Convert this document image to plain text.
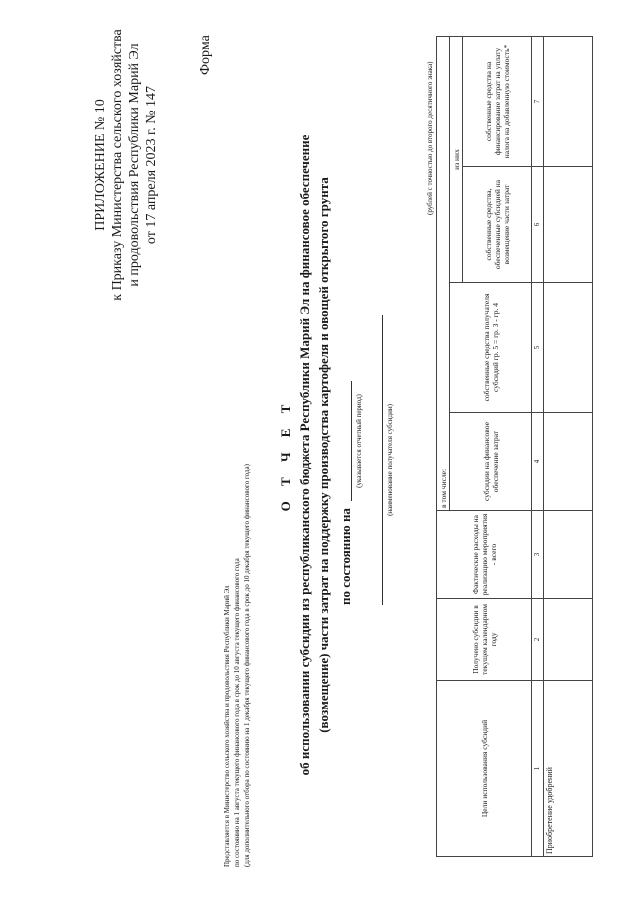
ПРИЛОЖЕНИЕ № 10 к Приказу Министерства сельского хозяйства и продовольствия Республики Марий Эл от 17 апреля 2023 г. № 147
Форма
Представляется в Министерство сельского хозяйства и продовольствия Республики Марий Эл по состоянию на 1 августа текущего финансового года в срок до 10 августа текущего финансового года (для дополнительного отбора по состоянию на 1 декабря текущего финансового года в срок до 10 декабря текущего финансового года)
О Т Ч Е Т об использовании субсидии из республиканского бюджета Республики Марий Эл на финансовое обеспечение (возмещение) части затрат на поддержку производства картофеля и овощей открытого грунта по состоянию на
(указывается отчетный период)	(наименование получателя субсидии)
(рублей с точностью до второго десятичного знака)
Цели использования субсидий	Получено субсидии в текущем календарном году	Фактические расходы на реализацию мероприятия - всего	в том числе:			
			субсидии на финансовое обеспечение затрат	собственные средства получателя субсидий гр. 5 = гр. 3 - гр. 4	из них	
					собственные средства, обеспеченные субсидией на возмещение части затрат	собственные средства на финансирование затрат на уплату налога на добавленную стоимость*
1	2	3	4	5	6	7
Приобретение удобрений						
